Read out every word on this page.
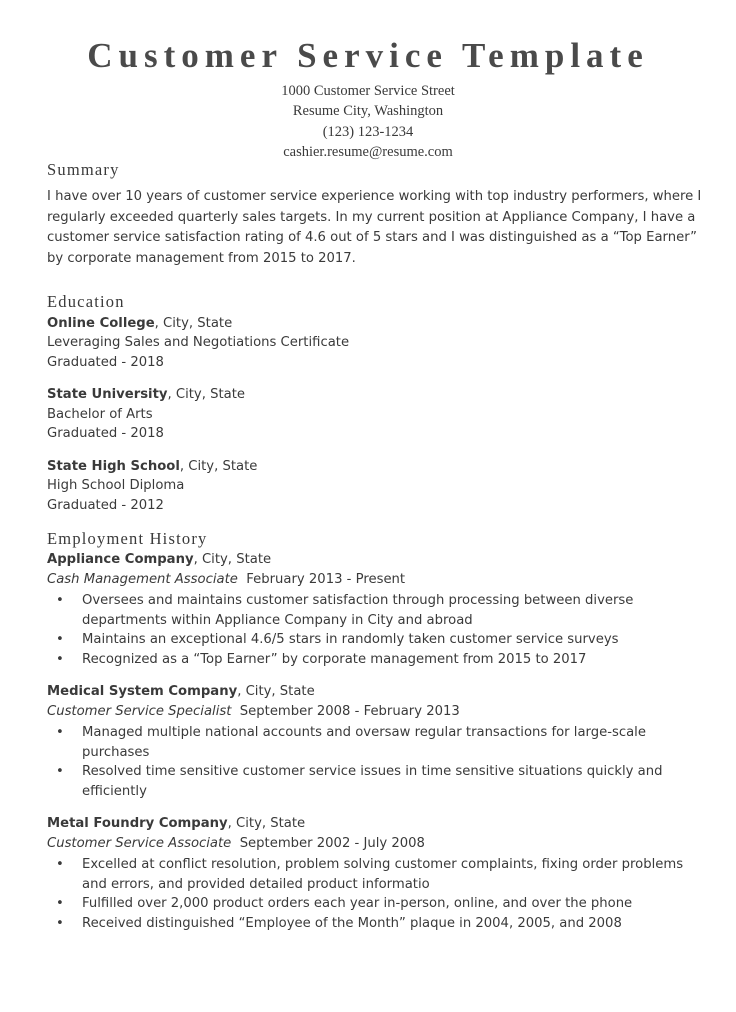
Customer Service Template
1000 Customer Service Street
Resume City, Washington
(123) 123-1234
cashier.resume@resume.com
Summary

I have over 10 years of customer service experience working with top industry performers, where I regularly exceeded quarterly sales targets. In my current position at Appliance Company, I have a customer service satisfaction rating of 4.6 out of 5 stars and I was distinguished as a “Top Earner” by corporate management from 2015 to 2017.

Education
Online College, City, State
Leveraging Sales and Negotiations Certificate
Graduated - 2018
State University, City, State
Bachelor of Arts
Graduated - 2018
State High School, City, State
High School Diploma
Graduated - 2012
Employment History
Appliance Company, City, State
Cash Management Associate February 2013 - Present
• Oversees and maintains customer satisfaction through processing between diverse departments within Appliance Company in City and abroad
• Maintains an exceptional 4.6/5 stars in randomly taken customer service surveys
• Recognized as a “Top Earner” by corporate management from 2015 to 2017
Medical System Company, City, State
Customer Service Specialist September 2008 - February 2013
• Managed multiple national accounts and oversaw regular transactions for large-scale purchases
• Resolved time sensitive customer service issues in time sensitive situations quickly and efficiently
Metal Foundry Company, City, State
Customer Service Associate September 2002 - July 2008
• Excelled at conflict resolution, problem solving customer complaints, fixing order problems and errors, and provided detailed product informatio
• Fulfilled over 2,000 product orders each year in-person, online, and over the phone
• Received distinguished “Employee of the Month” plaque in 2004, 2005, and 2008
